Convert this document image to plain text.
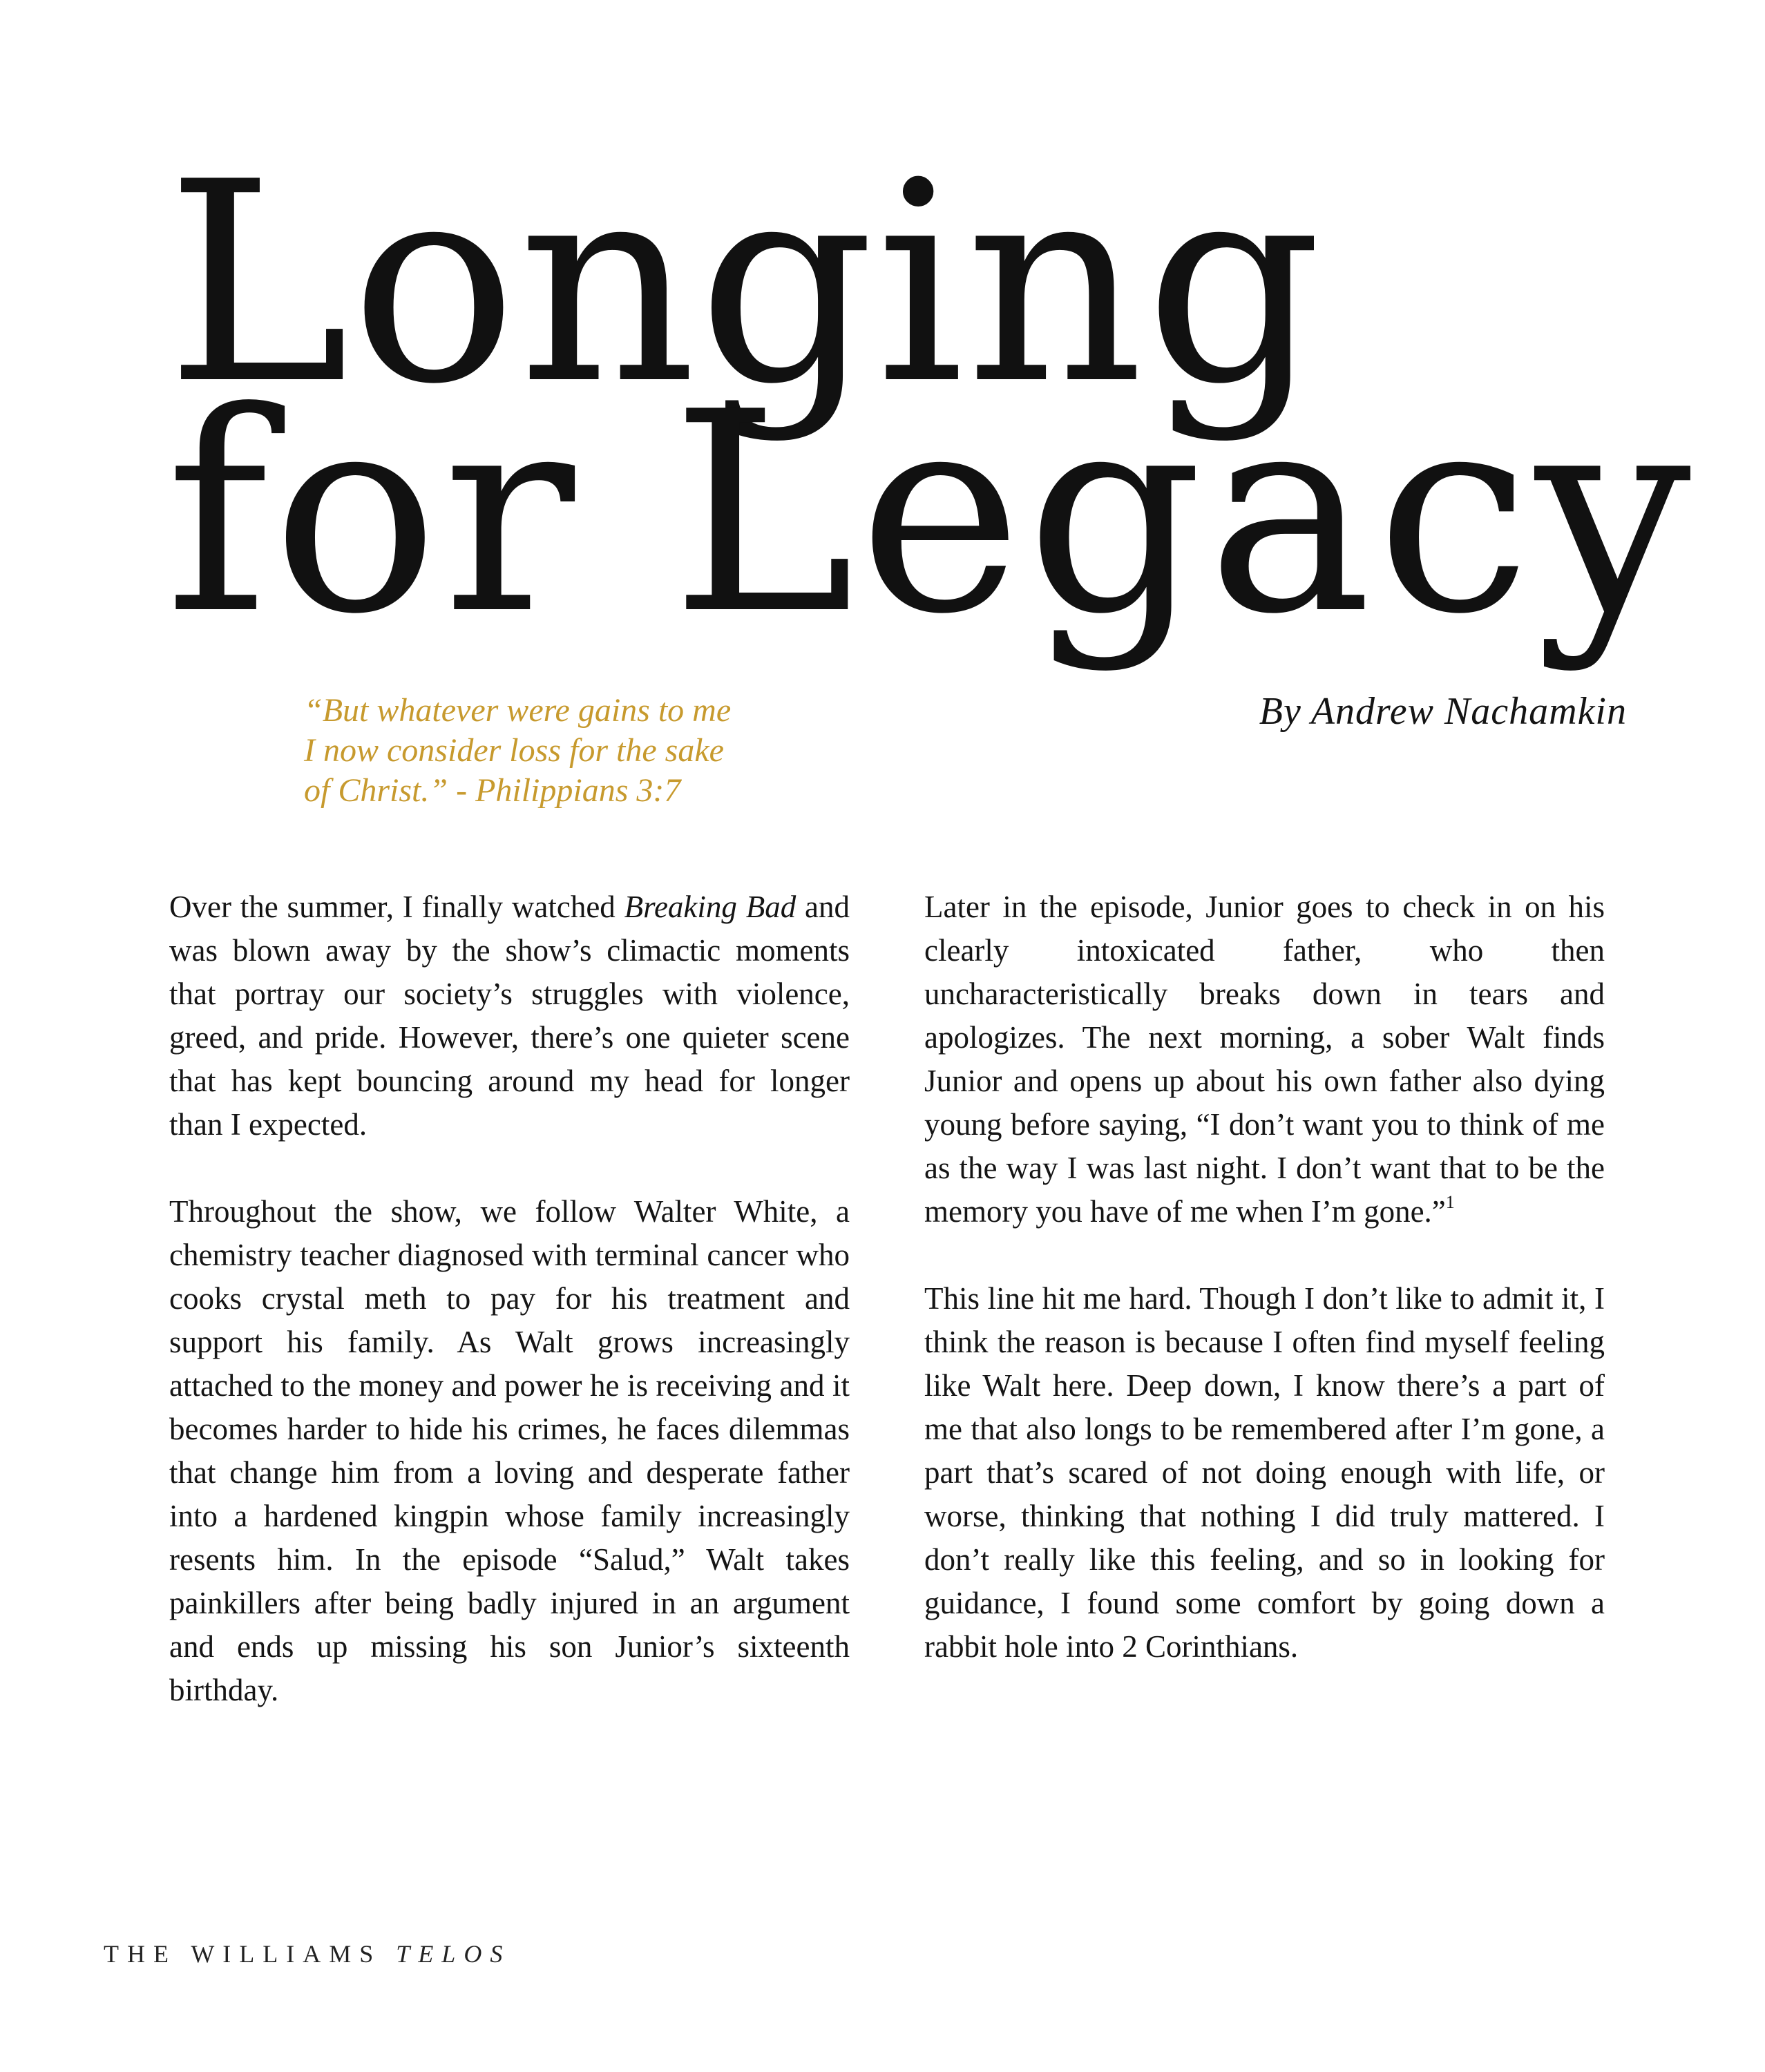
Longing
for Legacy
“But whatever were gains to me
I now consider loss for the sake
of Christ.” - Philippians 3:7

By Andrew Nachamkin

Over the summer, I finally watched Breaking Bad and was blown away by the show’s climactic moments that portray our society’s struggles with violence, greed, and pride. However, there’s one quieter scene that has kept bouncing around my head for longer than I expected.

Throughout the show, we follow Walter White, a chemistry teacher diagnosed with terminal cancer who cooks crystal meth to pay for his treatment and support his family. As Walt grows increasingly attached to the money and power he is receiving and it becomes harder to hide his crimes, he faces dilemmas that change him from a loving and desperate father into a hardened kingpin whose family increasingly resents him. In the episode “Salud,” Walt takes painkillers after being badly injured in an argument and ends up missing his son Junior’s sixteenth birthday.

Later in the episode, Junior goes to check in on his clearly intoxicated father, who then uncharacteristically breaks down in tears and apologizes. The next morning, a sober Walt finds Junior and opens up about his own father also dying young before saying, “I don’t want you to think of me as the way I was last night. I don’t want that to be the memory you have of me when I’m gone.”$^1$

This line hit me hard. Though I don’t like to admit it, I think the reason is because I often find myself feeling like Walt here. Deep down, I know there’s a part of me that also longs to be remembered after I’m gone, a part that’s scared of not doing enough with life, or worse, thinking that nothing I did truly mattered. I don’t really like this feeling, and so in looking for guidance, I found some comfort by going down a rabbit hole into 2 Corinthians.

THE WILLIAMS TELOS
